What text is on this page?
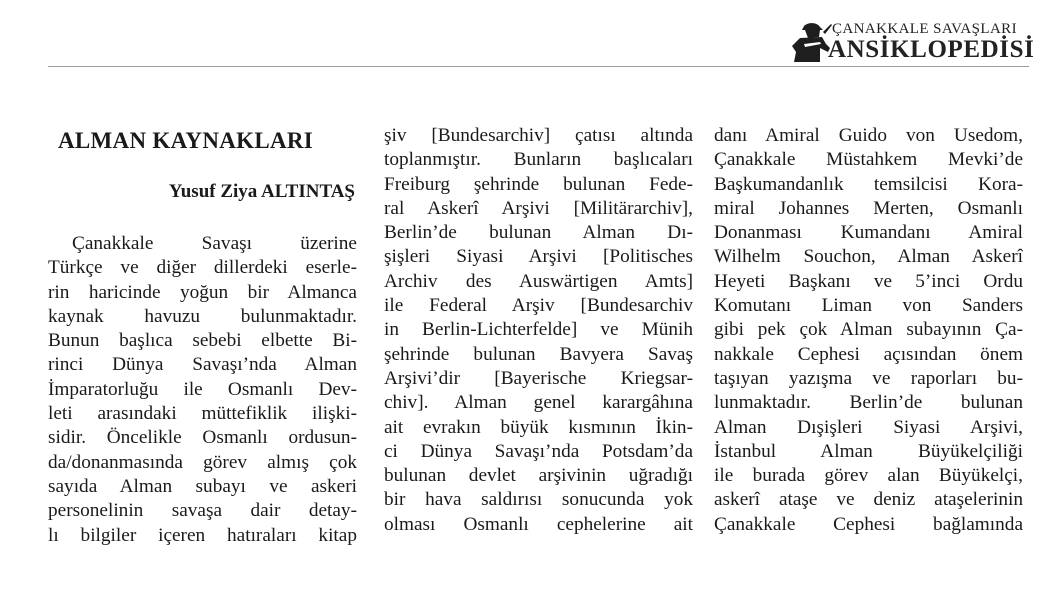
ÇANAKKALE SAVAŞLARI
ANSİKLOPEDİSİ
ALMAN KAYNAKLARI
Yusuf Ziya ALTINTAŞ
Çanakkale Savaşı üzerine
Türkçe ve diğer dillerdeki eserle-
rin haricinde yoğun bir Almanca
kaynak havuzu bulunmaktadır.
Bunun başlıca sebebi elbette Bi-
rinci Dünya Savaşı’nda Alman
İmparatorluğu ile Osmanlı Dev-
leti arasındaki müttefiklik ilişki-
sidir. Öncelikle Osmanlı ordusun-
da/donanmasında görev almış çok
sayıda Alman subayı ve askeri
personelinin savaşa dair detay-
lı bilgiler içeren hatıraları kitap
şiv [Bundesarchiv] çatısı altında
toplanmıştır. Bunların başlıcaları
Freiburg şehrinde bulunan Fede-
ral Askerî Arşivi [Militärarchiv],
Berlin’de bulunan Alman Dı-
şişleri Siyasi Arşivi [Politisches
Archiv des Auswärtigen Amts]
ile Federal Arşiv [Bundesarchiv
in Berlin-Lichterfelde] ve Münih
şehrinde bulunan Bavyera Savaş
Arşivi’dir [Bayerische Kriegsar-
chiv]. Alman genel karargâhına
ait evrakın büyük kısmının İkin-
ci Dünya Savaşı’nda Potsdam’da
bulunan devlet arşivinin uğradığı
bir hava saldırısı sonucunda yok
olması Osmanlı cephelerine ait
danı Amiral Guido von Usedom,
Çanakkale Müstahkem Mevki’de
Başkumandanlık temsilcisi Kora-
miral Johannes Merten, Osmanlı
Donanması Kumandanı Amiral
Wilhelm Souchon, Alman Askerî
Heyeti Başkanı ve 5’inci Ordu
Komutanı Liman von Sanders
gibi pek çok Alman subayının Ça-
nakkale Cephesi açısından önem
taşıyan yazışma ve raporları bu-
lunmaktadır. Berlin’de bulunan
Alman Dışişleri Siyasi Arşivi,
İstanbul Alman Büyükelçiliği
ile burada görev alan Büyükelçi,
askerî ataşe ve deniz ataşelerinin
Çanakkale Cephesi bağlamında
